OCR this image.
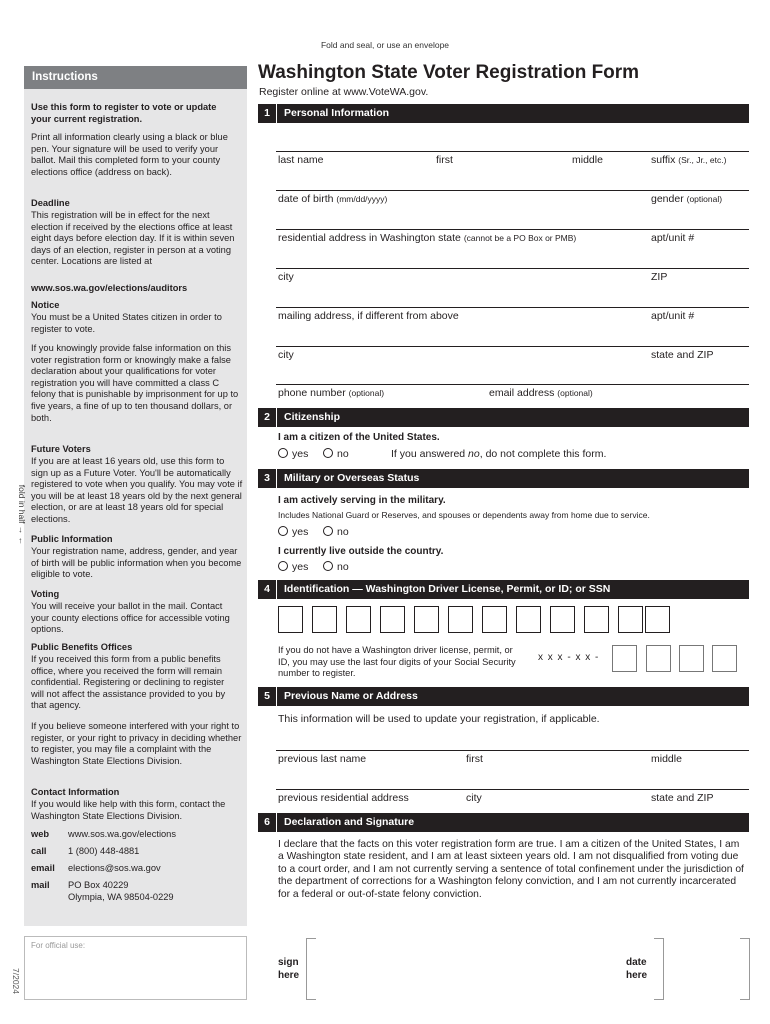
Fold and seal, or use an envelope
Instructions
Use this form to register to vote or update your current registration.
Print all information clearly using a black or blue pen. Your signature will be used to verify your ballot. Mail this completed form to your county elections office (address on back).
Deadline
This registration will be in effect for the next election if received by the elections office at least eight days before election day. If it is within seven days of an election, register in person at a voting center. Locations are listed at
www.sos.wa.gov/elections/auditors
Notice
You must be a United States citizen in order to register to vote.
If you knowingly provide false information on this voter registration form or knowingly make a false declaration about your qualifications for voter registration you will have committed a class C felony that is punishable by imprisonment for up to five years, a fine of up to ten thousand dollars, or both.
Future Voters
If you are at least 16 years old, use this form to sign up as a Future Voter. You'll be automatically registered to vote when you qualify. You may vote if you will be at least 18 years old by the next general election, or are at least 18 years old for special elections.
Public Information
Your registration name, address, gender, and year of birth will be public information when you become eligible to vote.
Voting
You will receive your ballot in the mail. Contact your county elections office for accessible voting options.
Public Benefits Offices
If you received this form from a public benefits office, where you received the form will remain confidential. Registering or declining to register will not affect the assistance provided to you by that agency.
If you believe someone interfered with your right to register, or your right to privacy in deciding whether to register, you may file a complaint with the Washington State Elections Division.
Contact Information
If you would like help with this form, contact the Washington State Elections Division.
web www.sos.wa.gov/elections
call 1 (800) 448-4881
email elections@sos.wa.gov
mail PO Box 40229
Olympia, WA 98504-0229
fold in half → ←
7/2024
For official use:
Washington State Voter Registration Form
Register online at www.VoteWA.gov.
1	Personal Information
last name	first	middle	suffix (Sr., Jr., etc.)
date of birth (mm/dd/yyyy)	gender (optional)
residential address in Washington state (cannot be a PO Box or PMB)	apt/unit #
city	ZIP
mailing address, if different from above	apt/unit #
city	state and ZIP
phone number (optional)	email address (optional)
2	Citizenship
I am a citizen of the United States.
yes	no	If you answered no, do not complete this form.
3	Military or Overseas Status
I am actively serving in the military.
Includes National Guard or Reserves, and spouses or dependents away from home due to service.
yes	no
I currently live outside the country.
yes	no
4	Identification — Washington Driver License, Permit, or ID; or SSN
If you do not have a Washington driver license, permit, or ID, you may use the last four digits of your Social Security number to register.
x x x - x x -
5	Previous Name or Address
This information will be used to update your registration, if applicable.
previous last name	first	middle
previous residential address	city	state and ZIP
6	Declaration and Signature
I declare that the facts on this voter registration form are true. I am a citizen of the United States, I am a Washington state resident, and I am at least sixteen years old. I am not disqualified from voting due to a court order, and I am not currently serving a sentence of total confinement under the jurisdiction of the department of corrections for a Washington felony conviction, and I am not currently incarcerated for a federal or out-of-state felony conviction.
sign
here
date
here
